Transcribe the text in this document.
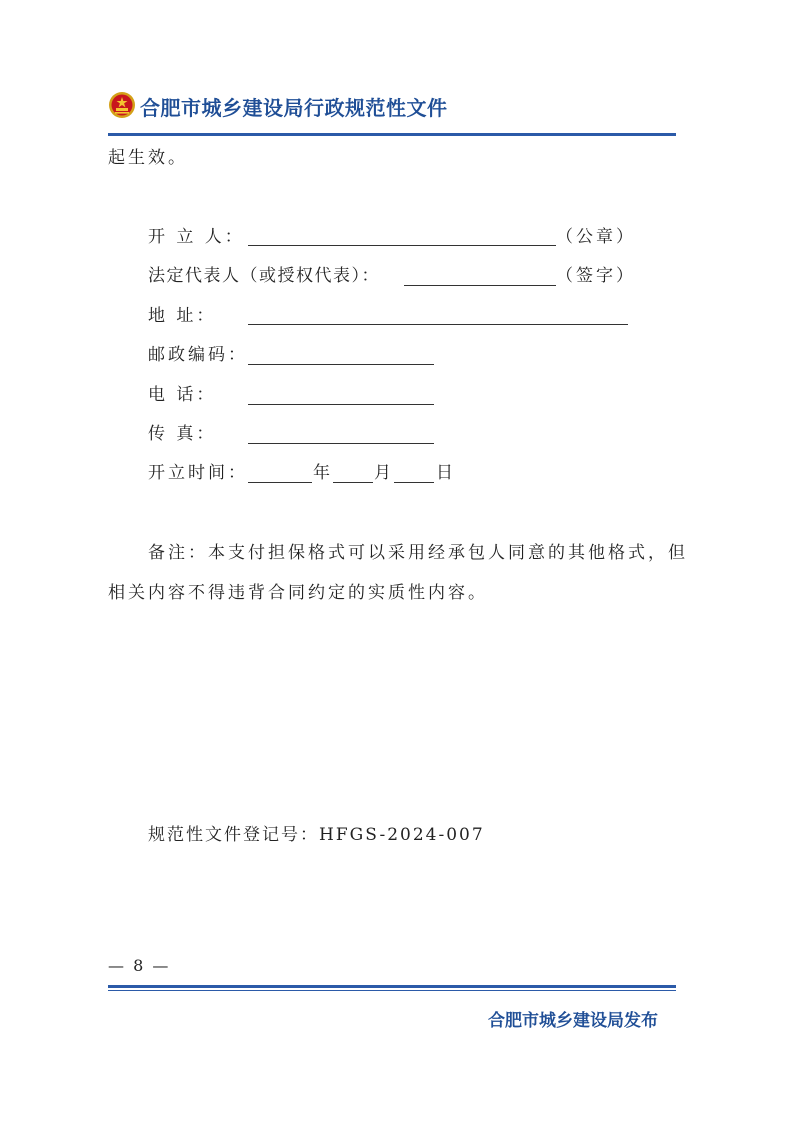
合肥市城乡建设局行政规范性文件
起生效。
开 立 人：	（公章）
法定代表人（或授权代表）：	（签字）
地 址：
邮政编码：
电 话：
传 真：
开立时间：	年 月 日
备注：本支付担保格式可以采用经承包人同意的其他格式，但
相关内容不得违背合同约定的实质性内容。
规范性文件登记号：HFGS-2024-007
— 8 —
合肥市城乡建设局发布
